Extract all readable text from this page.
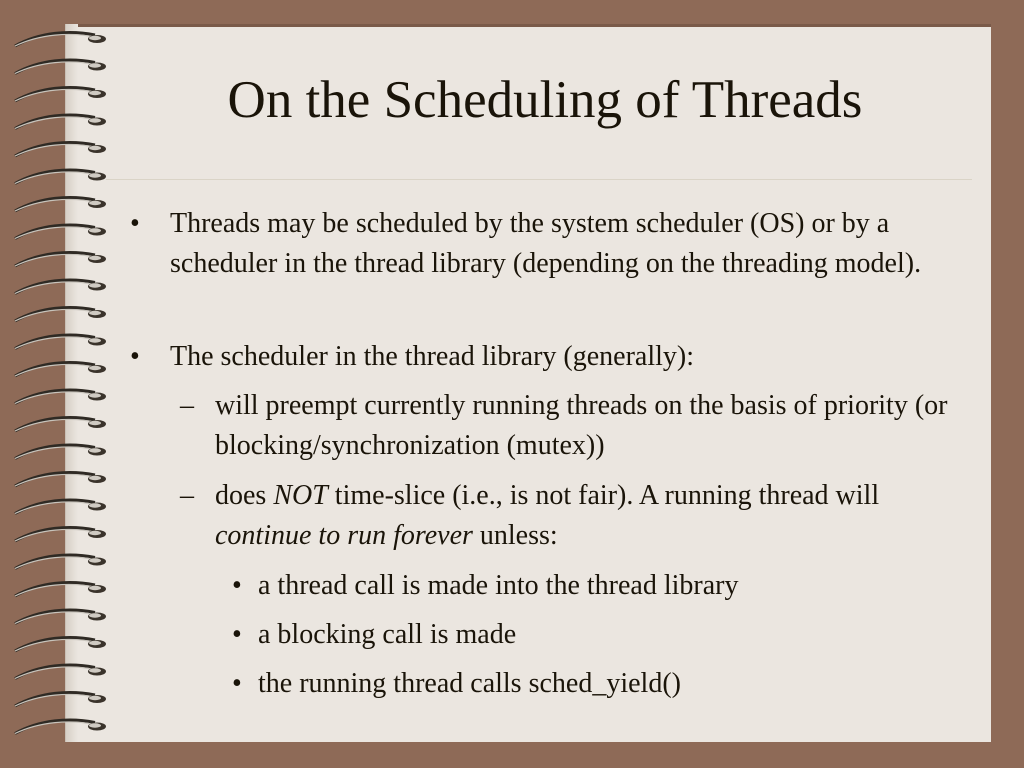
On the Scheduling of Threads
• Threads may be scheduled by the system scheduler (OS) or by a scheduler in the thread library (depending on the threading model).
• The scheduler in the thread library (generally):
– will preempt currently running threads on the basis of priority (or blocking/synchronization (mutex))
– does NOT time-slice (i.e., is not fair). A running thread will continue to run forever unless:
• a thread call is made into the thread library
• a blocking call is made
• the running thread calls sched_yield()
